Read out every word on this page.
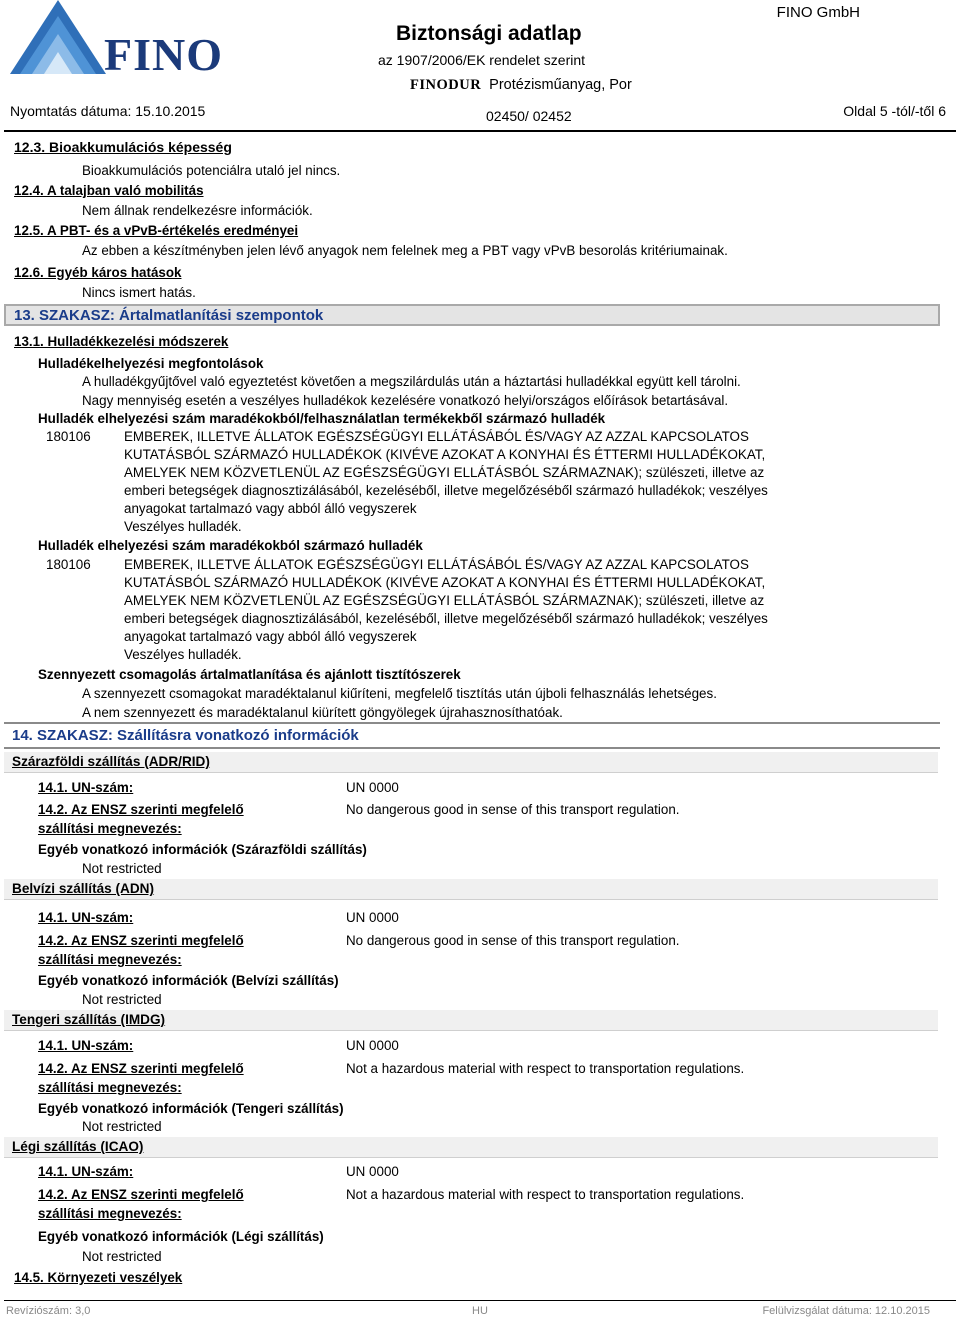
FINO	Biztonsági adatlap
az 1907/2006/EK rendelet szerint
FINO GmbH
FINODUR Protézisműanyag, Por
Nyomtatás dátuma: 15.10.2015	02450/ 02452	Oldal 5 -tól/-től 6
12.3. Bioakkumulációs képesség
Bioakkumulációs potenciálra utaló jel nincs.
12.4. A talajban való mobilitás
Nem állnak rendelkezésre információk.
12.5. A PBT- és a vPvB-értékelés eredményei
Az ebben a készítményben jelen lévő anyagok nem felelnek meg a PBT vagy vPvB besorolás kritériumainak.
12.6. Egyéb káros hatások
Nincs ismert hatás.
13. SZAKASZ: Ártalmatlanítási szempontok
13.1. Hulladékkezelési módszerek
Hulladékelhelyezési megfontolások
A hulladékgyűjtővel való egyeztetést követően a megszilárdulás után a háztartási hulladékkal együtt kell tárolni.
Nagy mennyiség esetén a veszélyes hulladékok kezelésére vonatkozó helyi/országos előírások betartásával.
Hulladék elhelyezési szám maradékokból/felhasználatlan termékekből származó hulladék
180106 EMBEREK, ILLETVE ÁLLATOK EGÉSZSÉGÜGYI ELLÁTÁSÁBÓL ÉS/VAGY AZ AZZAL KAPCSOLATOS
KUTATÁSBÓL SZÁRMAZÓ HULLADÉKOK (KIVÉVE AZOKAT A KONYHAI ÉS ÉTTERMI HULLADÉKOKAT,
AMELYEK NEM KÖZVETLENÜL AZ EGÉSZSÉGÜGYI ELLÁTÁSBÓL SZÁRMAZNAK); szülészeti, illetve az
emberi betegségek diagnosztizálásából, kezeléséből, illetve megelőzéséből származó hulladékok; veszélyes
anyagokat tartalmazó vagy abból álló vegyszerek
Veszélyes hulladék.
Hulladék elhelyezési szám maradékokból származó hulladék
180106 EMBEREK, ILLETVE ÁLLATOK EGÉSZSÉGÜGYI ELLÁTÁSÁBÓL ÉS/VAGY AZ AZZAL KAPCSOLATOS
KUTATÁSBÓL SZÁRMAZÓ HULLADÉKOK (KIVÉVE AZOKAT A KONYHAI ÉS ÉTTERMI HULLADÉKOKAT,
AMELYEK NEM KÖZVETLENÜL AZ EGÉSZSÉGÜGYI ELLÁTÁSBÓL SZÁRMAZNAK); szülészeti, illetve az
emberi betegségek diagnosztizálásából, kezeléséből, illetve megelőzéséből származó hulladékok; veszélyes
anyagokat tartalmazó vagy abból álló vegyszerek
Veszélyes hulladék.
Szennyezett csomagolás ártalmatlanítása és ajánlott tisztítószerek
A szennyezett csomagokat maradéktalanul kiűríteni, megfelelő tisztítás után újboli felhasználás lehetséges.
A nem szennyezett és maradéktalanul kiürített göngyölegek újrahasznosíthatóak.
14. SZAKASZ: Szállításra vonatkozó információk
Szárazföldi szállítás (ADR/RID)
14.1. UN-szám:	UN 0000
14.2. Az ENSZ szerinti megfelelő
szállítási megnevezés:
No dangerous good in sense of this transport regulation.
Egyéb vonatkozó információk (Szárazföldi szállítás)
Not restricted
Belvízi szállítás (ADN)
14.1. UN-szám:	UN 0000
14.2. Az ENSZ szerinti megfelelő
szállítási megnevezés:
No dangerous good in sense of this transport regulation.
Egyéb vonatkozó információk (Belvízi szállítás)
Not restricted
Tengeri szállítás (IMDG)
14.1. UN-szám:	UN 0000
14.2. Az ENSZ szerinti megfelelő
szállítási megnevezés:
Not a hazardous material with respect to transportation regulations.
Egyéb vonatkozó információk (Tengeri szállítás)
Not restricted
Légi szállítás (ICAO)
14.1. UN-szám:	UN 0000
14.2. Az ENSZ szerinti megfelelő
szállítási megnevezés:
Not a hazardous material with respect to transportation regulations.
Egyéb vonatkozó információk (Légi szállítás)
Not restricted
14.5. Környezeti veszélyek
Revíziószám: 3,0	HU	Felülvizsgálat dátuma: 12.10.2015
